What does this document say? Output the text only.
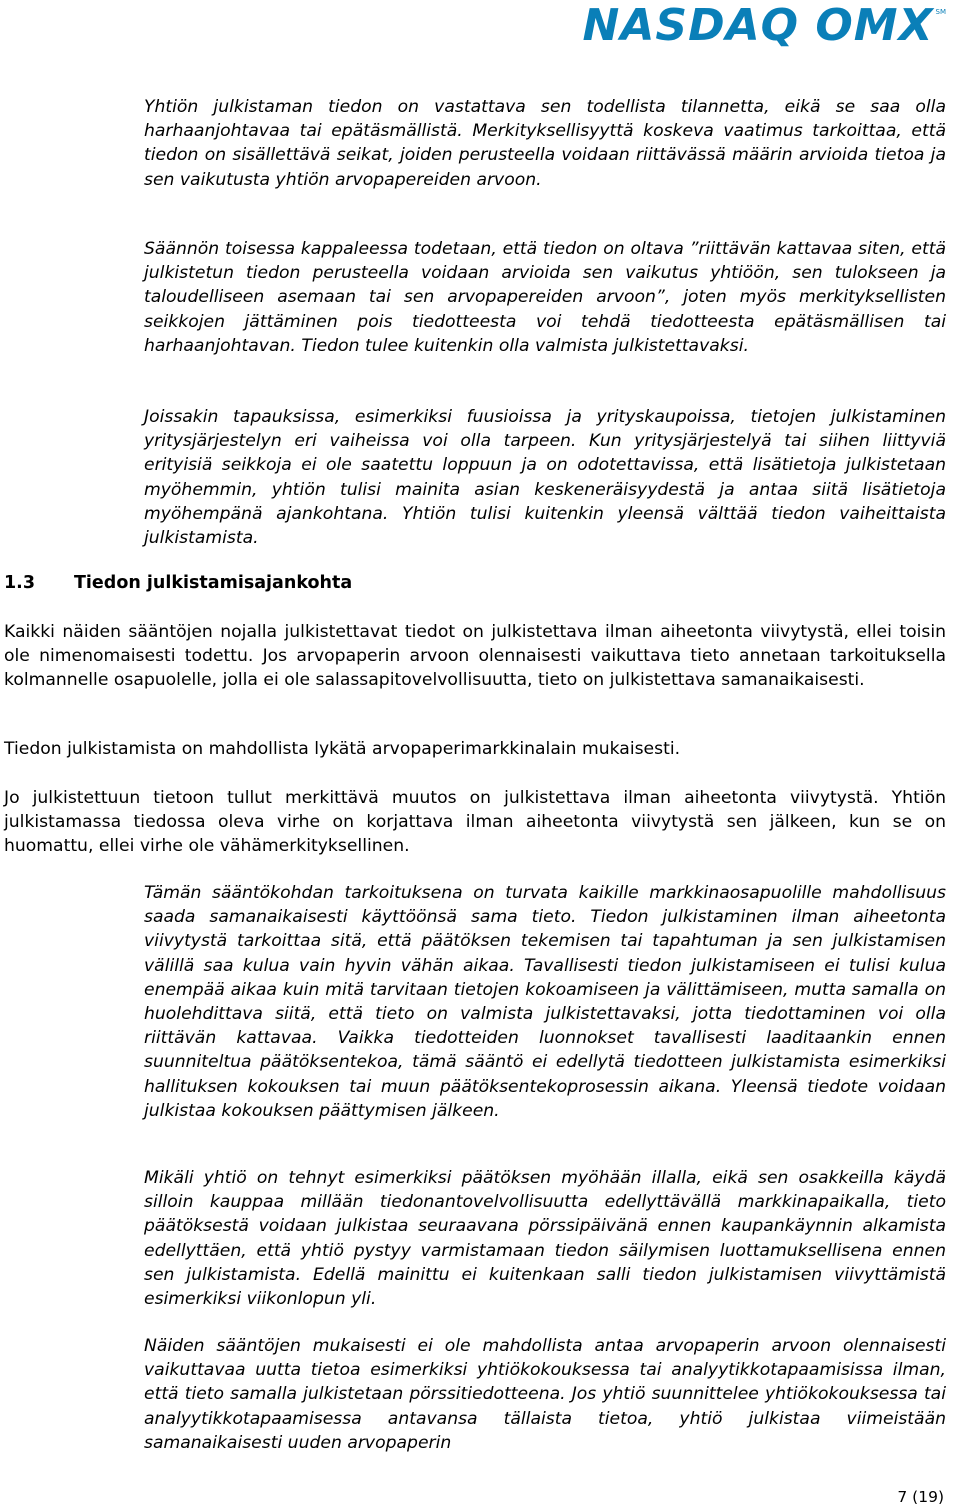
NASDAQ OMX SM

Yhtiön julkistaman tiedon on vastattava sen todellista tilannetta, eikä se saa olla harhaanjohtavaa tai epätäsmällistä. Merkityksellisyyttä koskeva vaatimus tarkoittaa, että tiedon on sisällettävä seikat, joiden perusteella voidaan riittävässä määrin arvioida tietoa ja sen vaikutusta yhtiön arvopapereiden arvoon.

Säännön toisessa kappaleessa todetaan, että tiedon on oltava ”riittävän kattavaa siten, että julkistetun tiedon perusteella voidaan arvioida sen vaikutus yhtiöön, sen tulokseen ja taloudelliseen asemaan tai sen arvopapereiden arvoon”, joten myös merkityksellisten seikkojen jättäminen pois tiedotteesta voi tehdä tiedotteesta epätäsmällisen tai harhaanjohtavan. Tiedon tulee kuitenkin olla valmista julkistettavaksi.

Joissakin tapauksissa, esimerkiksi fuusioissa ja yrityskaupoissa, tietojen julkistaminen yritysjärjestelyn eri vaiheissa voi olla tarpeen. Kun yritysjärjestelyä tai siihen liittyviä erityisiä seikkoja ei ole saatettu loppuun ja on odotettavissa, että lisätietoja julkistetaan myöhemmin, yhtiön tulisi mainita asian keskeneräisyydestä ja antaa siitä lisätietoja myöhempänä ajankohtana. Yhtiön tulisi kuitenkin yleensä välttää tiedon vaiheittaista julkistamista.

1.3 Tiedon julkistamisajankohta

Kaikki näiden sääntöjen nojalla julkistettavat tiedot on julkistettava ilman aiheetonta viivytystä, ellei toisin ole nimenomaisesti todettu. Jos arvopaperin arvoon olennaisesti vaikuttava tieto annetaan tarkoituksella kolmannelle osapuolelle, jolla ei ole salassapitovelvollisuutta, tieto on julkistettava samanaikaisesti.

Tiedon julkistamista on mahdollista lykätä arvopaperimarkkinalain mukaisesti.

Jo julkistettuun tietoon tullut merkittävä muutos on julkistettava ilman aiheetonta viivytystä. Yhtiön julkistamassa tiedossa oleva virhe on korjattava ilman aiheetonta viivytystä sen jälkeen, kun se on huomattu, ellei virhe ole vähämerkityksellinen.

Tämän sääntökohdan tarkoituksena on turvata kaikille markkinaosapuolille mahdollisuus saada samanaikaisesti käyttöönsä sama tieto. Tiedon julkistaminen ilman aiheetonta viivytystä tarkoittaa sitä, että päätöksen tekemisen tai tapahtuman ja sen julkistamisen välillä saa kulua vain hyvin vähän aikaa. Tavallisesti tiedon julkistamiseen ei tulisi kulua enempää aikaa kuin mitä tarvitaan tietojen kokoamiseen ja välittämiseen, mutta samalla on huolehdittava siitä, että tieto on valmista julkistettavaksi, jotta tiedottaminen voi olla riittävän kattavaa. Vaikka tiedotteiden luonnokset tavallisesti laaditaankin ennen suunniteltua päätöksentekoa, tämä sääntö ei edellytä tiedotteen julkistamista esimerkiksi hallituksen kokouksen tai muun päätöksentekoprosessin aikana. Yleensä tiedote voidaan julkistaa kokouksen päättymisen jälkeen.

Mikäli yhtiö on tehnyt esimerkiksi päätöksen myöhään illalla, eikä sen osakkeilla käydä silloin kauppaa millään tiedonantovelvollisuutta edellyttävällä markkinapaikalla, tieto päätöksestä voidaan julkistaa seuraavana pörssipäivänä ennen kaupankäynnin alkamista edellyttäen, että yhtiö pystyy varmistamaan tiedon säilymisen luottamuksellisena ennen sen julkistamista. Edellä mainittu ei kuitenkaan salli tiedon julkistamisen viivyttämistä esimerkiksi viikonlopun yli.

Näiden sääntöjen mukaisesti ei ole mahdollista antaa arvopaperin arvoon olennaisesti vaikuttavaa uutta tietoa esimerkiksi yhtiökokouksessa tai analyytikkotapaamisissa ilman, että tieto samalla julkistetaan pörssitiedotteena. Jos yhtiö suunnittelee yhtiökokouksessa tai analyytikkotapaamisessa antavansa tällaista tietoa, yhtiö julkistaa viimeistään samanaikaisesti uuden arvopaperin

7 (19)
